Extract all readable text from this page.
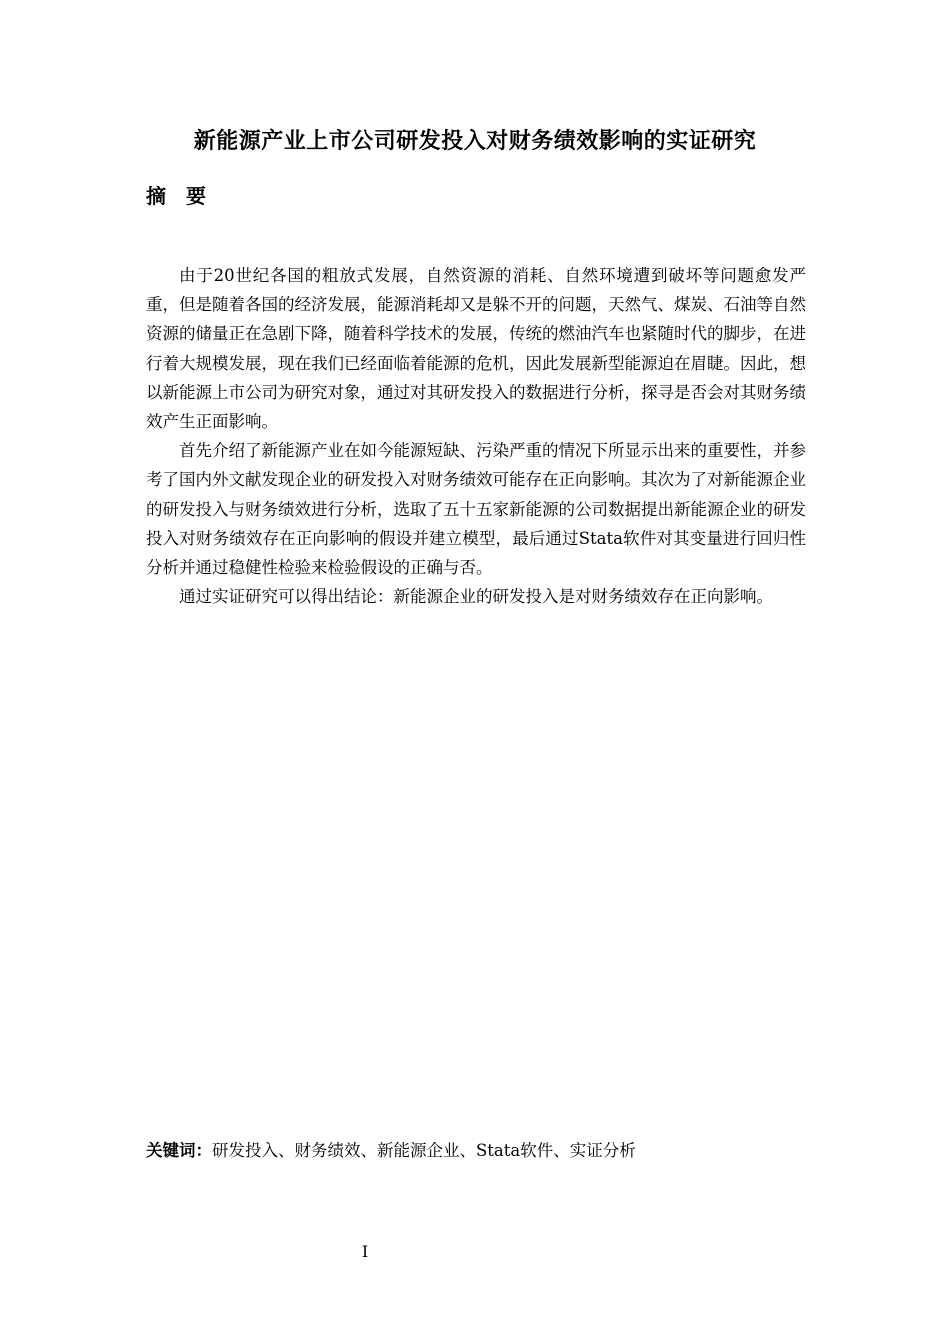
新能源产业上市公司研发投入对财务绩效影响的实证研究
摘要

由于20世纪各国的粗放式发展，自然资源的消耗、自然环境遭到破坏等问题愈发严重，但是随着各国的经济发展，能源消耗却又是躲不开的问题，天然气、煤炭、石油等自然资源的储量正在急剧下降，随着科学技术的发展，传统的燃油汽车也紧随时代的脚步，在进行着大规模发展，现在我们已经面临着能源的危机，因此发展新型能源迫在眉睫。因此，想以新能源上市公司为研究对象，通过对其研发投入的数据进行分析，探寻是否会对其财务绩效产生正面影响。

首先介绍了新能源产业在如今能源短缺、污染严重的情况下所显示出来的重要性，并参考了国内外文献发现企业的研发投入对财务绩效可能存在正向影响。其次为了对新能源企业的研发投入与财务绩效进行分析，选取了五十五家新能源的公司数据提出新能源企业的研发投入对财务绩效存在正向影响的假设并建立模型，最后通过Stata软件对其变量进行回归性分析并通过稳健性检验来检验假设的正确与否。

通过实证研究可以得出结论：新能源企业的研发投入是对财务绩效存在正向影响。

关键词：研发投入、财务绩效、新能源企业、Stata软件、实证分析

I
